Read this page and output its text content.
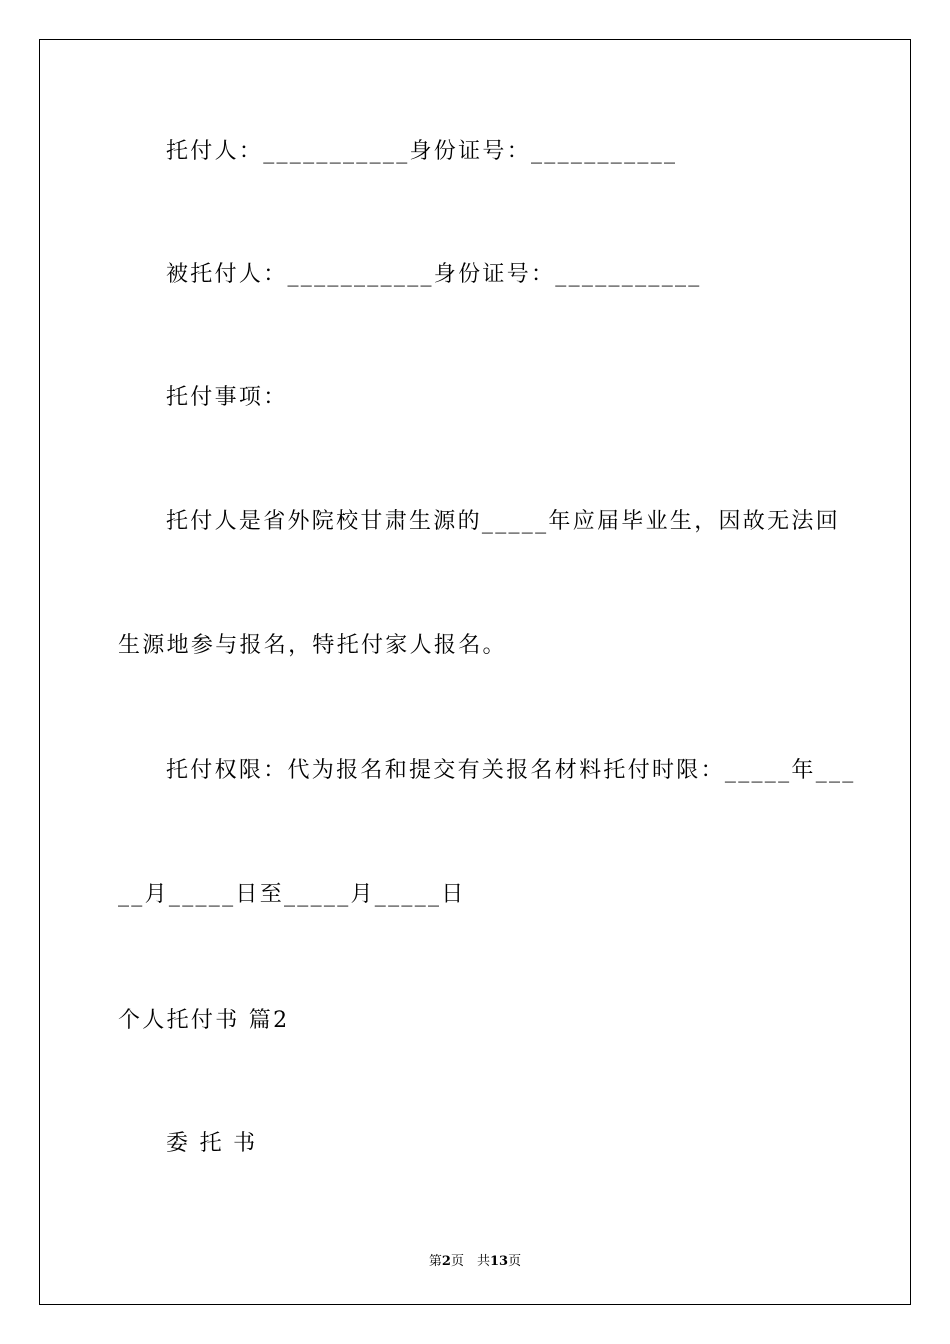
托付人：___________身份证号：___________
被托付人：___________身份证号：___________
托付事项：
托付人是省外院校甘肃生源的_____年应届毕业生，因故无法回
生源地参与报名，特托付家人报名。
托付权限：代为报名和提交有关报名材料托付时限：_____年___
__月_____日至_____月_____日
个人托付书 篇2
委 托 书
第2页　共13页
